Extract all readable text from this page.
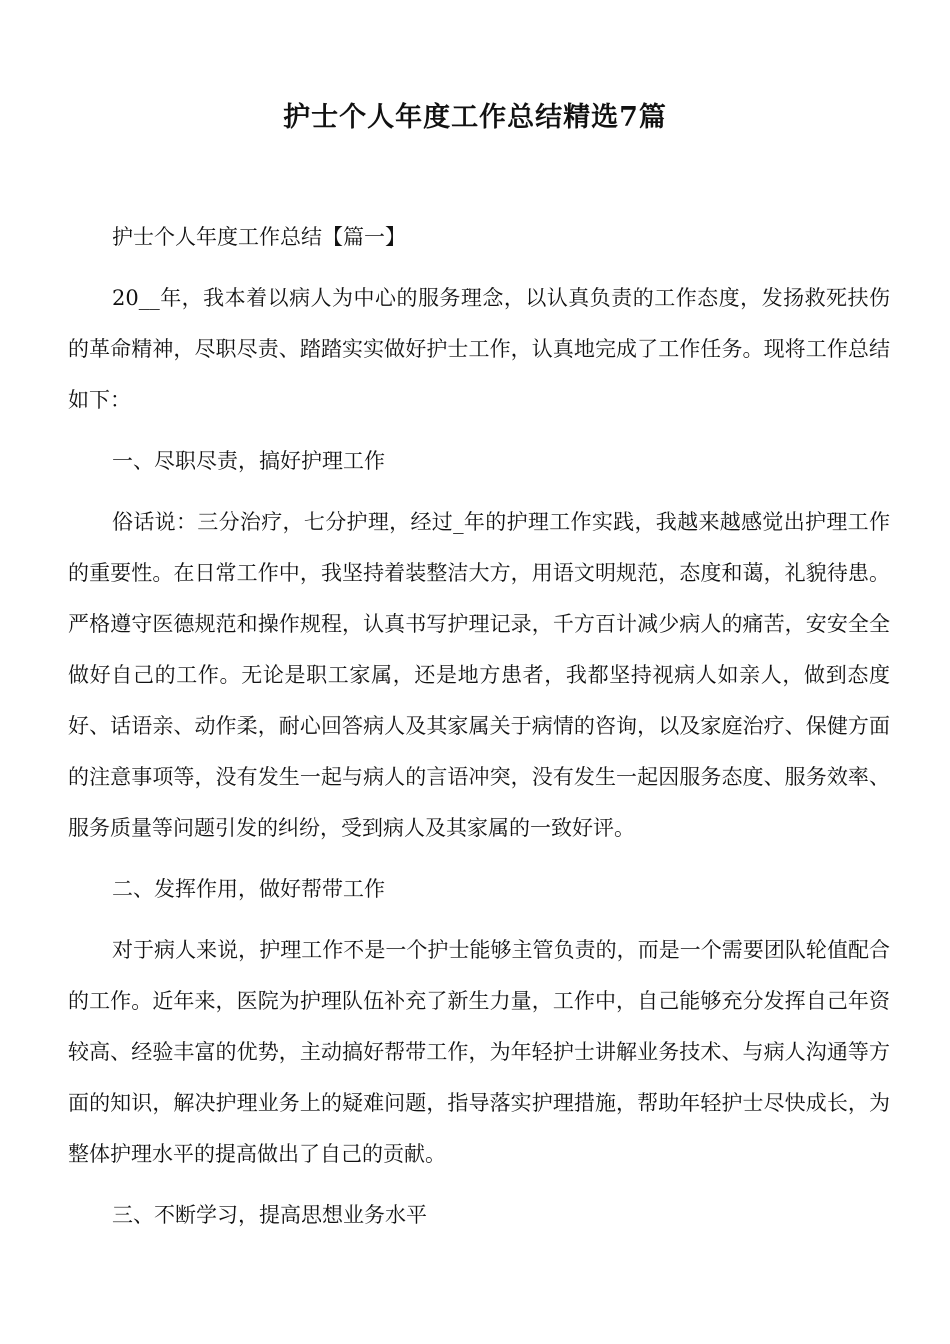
护士个人年度工作总结精选7篇

护士个人年度工作总结【篇一】

20__年，我本着以病人为中心的服务理念，以认真负责的工作态度，发扬救死扶伤的革命精神，尽职尽责、踏踏实实做好护士工作，认真地完成了工作任务。现将工作总结如下：

一、尽职尽责，搞好护理工作

俗话说：三分治疗，七分护理，经过_年的护理工作实践，我越来越感觉出护理工作的重要性。在日常工作中，我坚持着装整洁大方，用语文明规范，态度和蔼，礼貌待患。严格遵守医德规范和操作规程，认真书写护理记录，千方百计减少病人的痛苦，安安全全做好自己的工作。无论是职工家属，还是地方患者，我都坚持视病人如亲人，做到态度好、话语亲、动作柔，耐心回答病人及其家属关于病情的咨询，以及家庭治疗、保健方面的注意事项等，没有发生一起与病人的言语冲突，没有发生一起因服务态度、服务效率、服务质量等问题引发的纠纷，受到病人及其家属的一致好评。

二、发挥作用，做好帮带工作

对于病人来说，护理工作不是一个护士能够主管负责的，而是一个需要团队轮值配合的工作。近年来，医院为护理队伍补充了新生力量，工作中，自己能够充分发挥自己年资较高、经验丰富的优势，主动搞好帮带工作，为年轻护士讲解业务技术、与病人沟通等方面的知识，解决护理业务上的疑难问题，指导落实护理措施，帮助年轻护士尽快成长，为整体护理水平的提高做出了自己的贡献。

三、不断学习，提高思想业务水平
